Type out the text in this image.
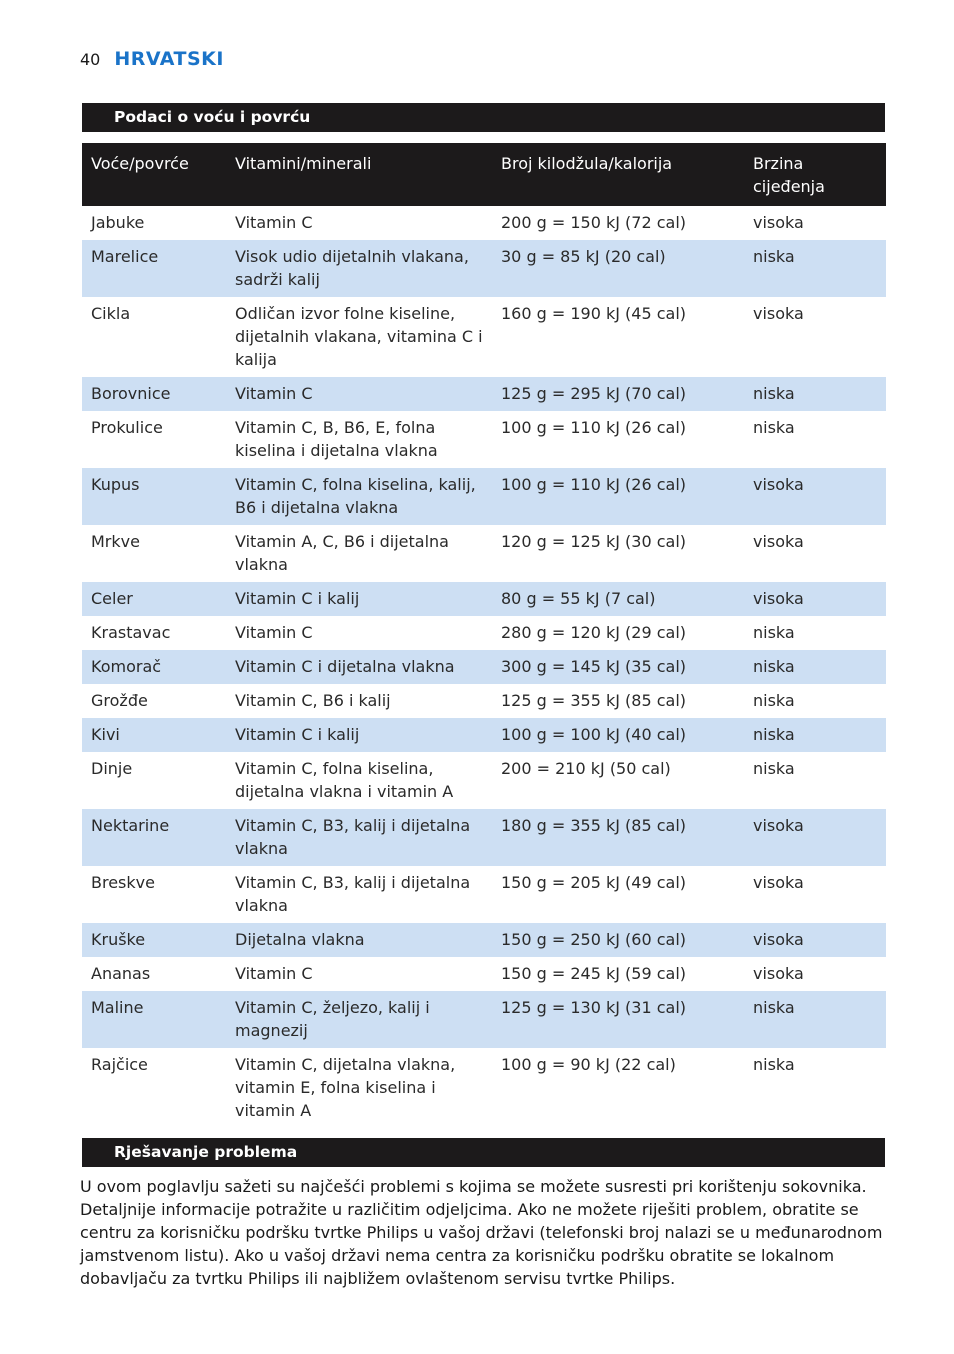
40 HRVATSKI
Podaci o voću i povrću
Voće/povrće	Vitamini/minerali	Broj kilodžula/kalorija	Brzina cijeđenja
Jabuke	Vitamin C	200 g = 150 kJ (72 cal)	visoka
Marelice	Visok udio dijetalnih vlakana, sadrži kalij	30 g = 85 kJ (20 cal)	niska
Cikla	Odličan izvor folne kiseline, dijetalnih vlakana, vitamina C i kalija	160 g = 190 kJ (45 cal)	visoka
Borovnice	Vitamin C	125 g = 295 kJ (70 cal)	niska
Prokulice	Vitamin C, B, B6, E, folna kiselina i dijetalna vlakna	100 g = 110 kJ (26 cal)	niska
Kupus	Vitamin C, folna kiselina, kalij, B6 i dijetalna vlakna	100 g = 110 kJ (26 cal)	visoka
Mrkve	Vitamin A, C, B6 i dijetalna vlakna	120 g = 125 kJ (30 cal)	visoka
Celer	Vitamin C i kalij	80 g = 55 kJ (7 cal)	visoka
Krastavac	Vitamin C	280 g = 120 kJ (29 cal)	niska
Komorač	Vitamin C i dijetalna vlakna	300 g = 145 kJ (35 cal)	niska
Grožđe	Vitamin C, B6 i kalij	125 g = 355 kJ (85 cal)	niska
Kivi	Vitamin C i kalij	100 g = 100 kJ (40 cal)	niska
Dinje	Vitamin C, folna kiselina, dijetalna vlakna i vitamin A	200 = 210 kJ (50 cal)	niska
Nektarine	Vitamin C, B3, kalij i dijetalna vlakna	180 g = 355 kJ (85 cal)	visoka
Breskve	Vitamin C, B3, kalij i dijetalna vlakna	150 g = 205 kJ (49 cal)	visoka
Kruške	Dijetalna vlakna	150 g = 250 kJ (60 cal)	visoka
Ananas	Vitamin C	150 g = 245 kJ (59 cal)	visoka
Maline	Vitamin C, željezo, kalij i magnezij	125 g = 130 kJ (31 cal)	niska
Rajčice	Vitamin C, dijetalna vlakna, vitamin E, folna kiselina i vitamin A	100 g = 90 kJ (22 cal)	niska
Rješavanje problema

U ovom poglavlju sažeti su najčešći problemi s kojima se možete susresti pri korištenju sokovnika. Detaljnije informacije potražite u različitim odjeljcima. Ako ne možete riješiti problem, obratite se centru za korisničku podršku tvrtke Philips u vašoj državi (telefonski broj nalazi se u međunarodnom jamstvenom listu). Ako u vašoj državi nema centra za korisničku podršku obratite se lokalnom dobavljaču za tvrtku Philips ili najbližem ovlaštenom servisu tvrtke Philips.
